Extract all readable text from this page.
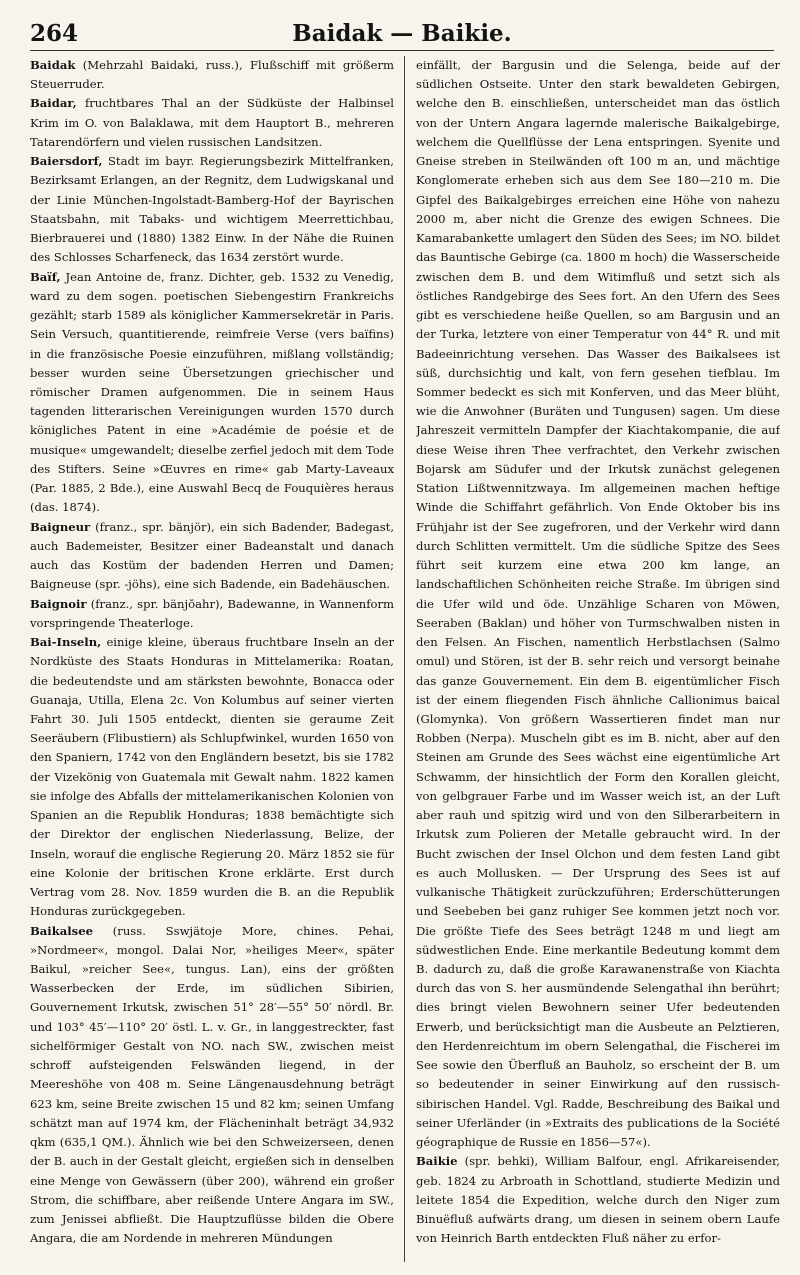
264	Baidak — Baikie.

Baidak (Mehrzahl Baidaki, russ.), Flußschiff mit größerm Steuerruder.

Baidar, fruchtbares Thal an der Südküste der Halbinsel Krim im O. von Balaklawa, mit dem Hauptort B., mehreren Tatarendörfern und vielen russischen Landsitzen.

Baiersdorf, Stadt im bayr. Regierungsbezirk Mittelfranken, Bezirksamt Erlangen, an der Regnitz, dem Ludwigskanal und der Linie München-Ingolstadt-Bamberg-Hof der Bayrischen Staatsbahn, mit Tabaks- und wichtigem Meerrettichbau, Bierbrauerei und (1880) 1382 Einw. In der Nähe die Ruinen des Schlosses Scharfeneck, das 1634 zerstört wurde.

Baïf, Jean Antoine de, franz. Dichter, geb. 1532 zu Venedig, ward zu dem sogen. poetischen Siebengestirn Frankreichs gezählt; starb 1589 als königlicher Kammersekretär in Paris. Sein Versuch, quantitierende, reimfreie Verse (vers baïfins) in die französische Poesie einzuführen, mißlang vollständig; besser wurden seine Übersetzungen griechischer und römischer Dramen aufgenommen. Die in seinem Haus tagenden litterarischen Vereinigungen wurden 1570 durch königliches Patent in eine »Académie de poésie et de musique« umgewandelt; dieselbe zerfiel jedoch mit dem Tode des Stifters. Seine »Œuvres en rime« gab Marty-Laveaux (Par. 1885, 2 Bde.), eine Auswahl Becq de Fouquières heraus (das. 1874).

Baigneur (franz., spr. bänjör), ein sich Badender, Badegast, auch Bademeister, Besitzer einer Badeanstalt und danach auch das Kostüm der badenden Herren und Damen; Baigneuse (spr. -jöhs), eine sich Badende, ein Badehäuschen.

Baignoir (franz., spr. bänjŏahr), Badewanne, in Wannenform vorspringende Theaterloge.

Bai-Inseln, einige kleine, überaus fruchtbare Inseln an der Nordküste des Staats Honduras in Mittelamerika: Roatan, die bedeutendste und am stärksten bewohnte, Bonacca oder Guanaja, Utilla, Elena 2c. Von Kolumbus auf seiner vierten Fahrt 30. Juli 1505 entdeckt, dienten sie geraume Zeit Seeräubern (Flibustiern) als Schlupfwinkel, wurden 1650 von den Spaniern, 1742 von den Engländern besetzt, bis sie 1782 der Vizekönig von Guatemala mit Gewalt nahm. 1822 kamen sie infolge des Abfalls der mittelamerikanischen Kolonien von Spanien an die Republik Honduras; 1838 bemächtigte sich der Direktor der englischen Niederlassung, Belize, der Inseln, worauf die englische Regierung 20. März 1852 sie für eine Kolonie der britischen Krone erklärte. Erst durch Vertrag vom 28. Nov. 1859 wurden die B. an die Republik Honduras zurückgegeben.

Baikalsee (russ. Sswjätoje More, chines. Pehai, »Nordmeer«, mongol. Dalai Nor, »heiliges Meer«, später Baikul, »reicher See«, tungus. Lan), eins der größten Wasserbecken der Erde, im südlichen Sibirien, Gouvernement Irkutsk, zwischen 51° 28′—55° 50′ nördl. Br. und 103° 45′—110° 20′ östl. L. v. Gr., in langgestreckter, fast sichelförmiger Gestalt von NO. nach SW., zwischen meist schroff aufsteigenden Felswänden liegend, in der Meereshöhe von 408 m. Seine Längenausdehnung beträgt 623 km, seine Breite zwischen 15 und 82 km; seinen Umfang schätzt man auf 1974 km, der Flächeninhalt beträgt 34,932 qkm (635,1 QM.). Ähnlich wie bei den Schweizerseen, denen der B. auch in der Gestalt gleicht, ergießen sich in denselben eine Menge von Gewässern (über 200), während ein großer Strom, die schiffbare, aber reißende Untere Angara im SW., zum Jenissei abfließt. Die Hauptzuflüsse bilden die Obere Angara, die am Nordende in mehreren Mündungen

einfällt, der Bargusin und die Selenga, beide auf der südlichen Ostseite. Unter den stark bewaldeten Gebirgen, welche den B. einschließen, unterscheidet man das östlich von der Untern Angara lagernde malerische Baikalgebirge, welchem die Quellflüsse der Lena entspringen. Syenite und Gneise streben in Steilwänden oft 100 m an, und mächtige Konglomerate erheben sich aus dem See 180—210 m. Die Gipfel des Baikalgebirges erreichen eine Höhe von nahezu 2000 m, aber nicht die Grenze des ewigen Schnees. Die Kamarabankette umlagert den Süden des Sees; im NO. bildet das Bauntische Gebirge (ca. 1800 m hoch) die Wasserscheide zwischen dem B. und dem Witimfluß und setzt sich als östliches Randgebirge des Sees fort. An den Ufern des Sees gibt es verschiedene heiße Quellen, so am Bargusin und an der Turka, letztere von einer Temperatur von 44° R. und mit Badeeinrichtung versehen. Das Wasser des Baikalsees ist süß, durchsichtig und kalt, von fern gesehen tiefblau. Im Sommer bedeckt es sich mit Konferven, und das Meer blüht, wie die Anwohner (Buräten und Tungusen) sagen. Um diese Jahreszeit vermitteln Dampfer der Kiachtakompanie, die auf diese Weise ihren Thee verfrachtet, den Verkehr zwischen Bojarsk am Südufer und der Irkutsk zunächst gelegenen Station Lißtwennitzwaya. Im allgemeinen machen heftige Winde die Schiffahrt gefährlich. Von Ende Oktober bis ins Frühjahr ist der See zugefroren, und der Verkehr wird dann durch Schlitten vermittelt. Um die südliche Spitze des Sees führt seit kurzem eine etwa 200 km lange, an landschaftlichen Schönheiten reiche Straße. Im übrigen sind die Ufer wild und öde. Unzählige Scharen von Möwen, Seeraben (Baklan) und höher von Turmschwalben nisten in den Felsen. An Fischen, namentlich Herbstlachsen (Salmo omul) und Stören, ist der B. sehr reich und versorgt beinahe das ganze Gouvernement. Ein dem B. eigentümlicher Fisch ist der einem fliegenden Fisch ähnliche Callionimus baical (Glomynka). Von größern Wassertieren findet man nur Robben (Nerpa). Muscheln gibt es im B. nicht, aber auf den Steinen am Grunde des Sees wächst eine eigentümliche Art Schwamm, der hinsichtlich der Form den Korallen gleicht, von gelbgrauer Farbe und im Wasser weich ist, an der Luft aber rauh und spitzig wird und von den Silberarbeitern in Irkutsk zum Polieren der Metalle gebraucht wird. In der Bucht zwischen der Insel Olchon und dem festen Land gibt es auch Mollusken. — Der Ursprung des Sees ist auf vulkanische Thätigkeit zurückzuführen; Erderschütterungen und Seebeben bei ganz ruhiger See kommen jetzt noch vor. Die größte Tiefe des Sees beträgt 1248 m und liegt am südwestlichen Ende. Eine merkantile Bedeutung kommt dem B. dadurch zu, daß die große Karawanenstraße von Kiachta durch das von S. her ausmündende Selengathal ihn berührt; dies bringt vielen Bewohnern seiner Ufer bedeutenden Erwerb, und berücksichtigt man die Ausbeute an Pelztieren, den Herdenreichtum im obern Selengathal, die Fischerei im See sowie den Überfluß an Bauholz, so erscheint der B. um so bedeutender in seiner Einwirkung auf den russisch-sibirischen Handel. Vgl. Radde, Beschreibung des Baikal und seiner Uferländer (in »Extraits des publications de la Société géographique de Russie en 1856—57«).

Baikie (spr. behki), William Balfour, engl. Afrikareisender, geb. 1824 zu Arbroath in Schottland, studierte Medizin und leitete 1854 die Expedition, welche durch den Niger zum Binuëfluß aufwärts drang, um diesen in seinem obern Laufe von Heinrich Barth entdeckten Fluß näher zu erfor-
